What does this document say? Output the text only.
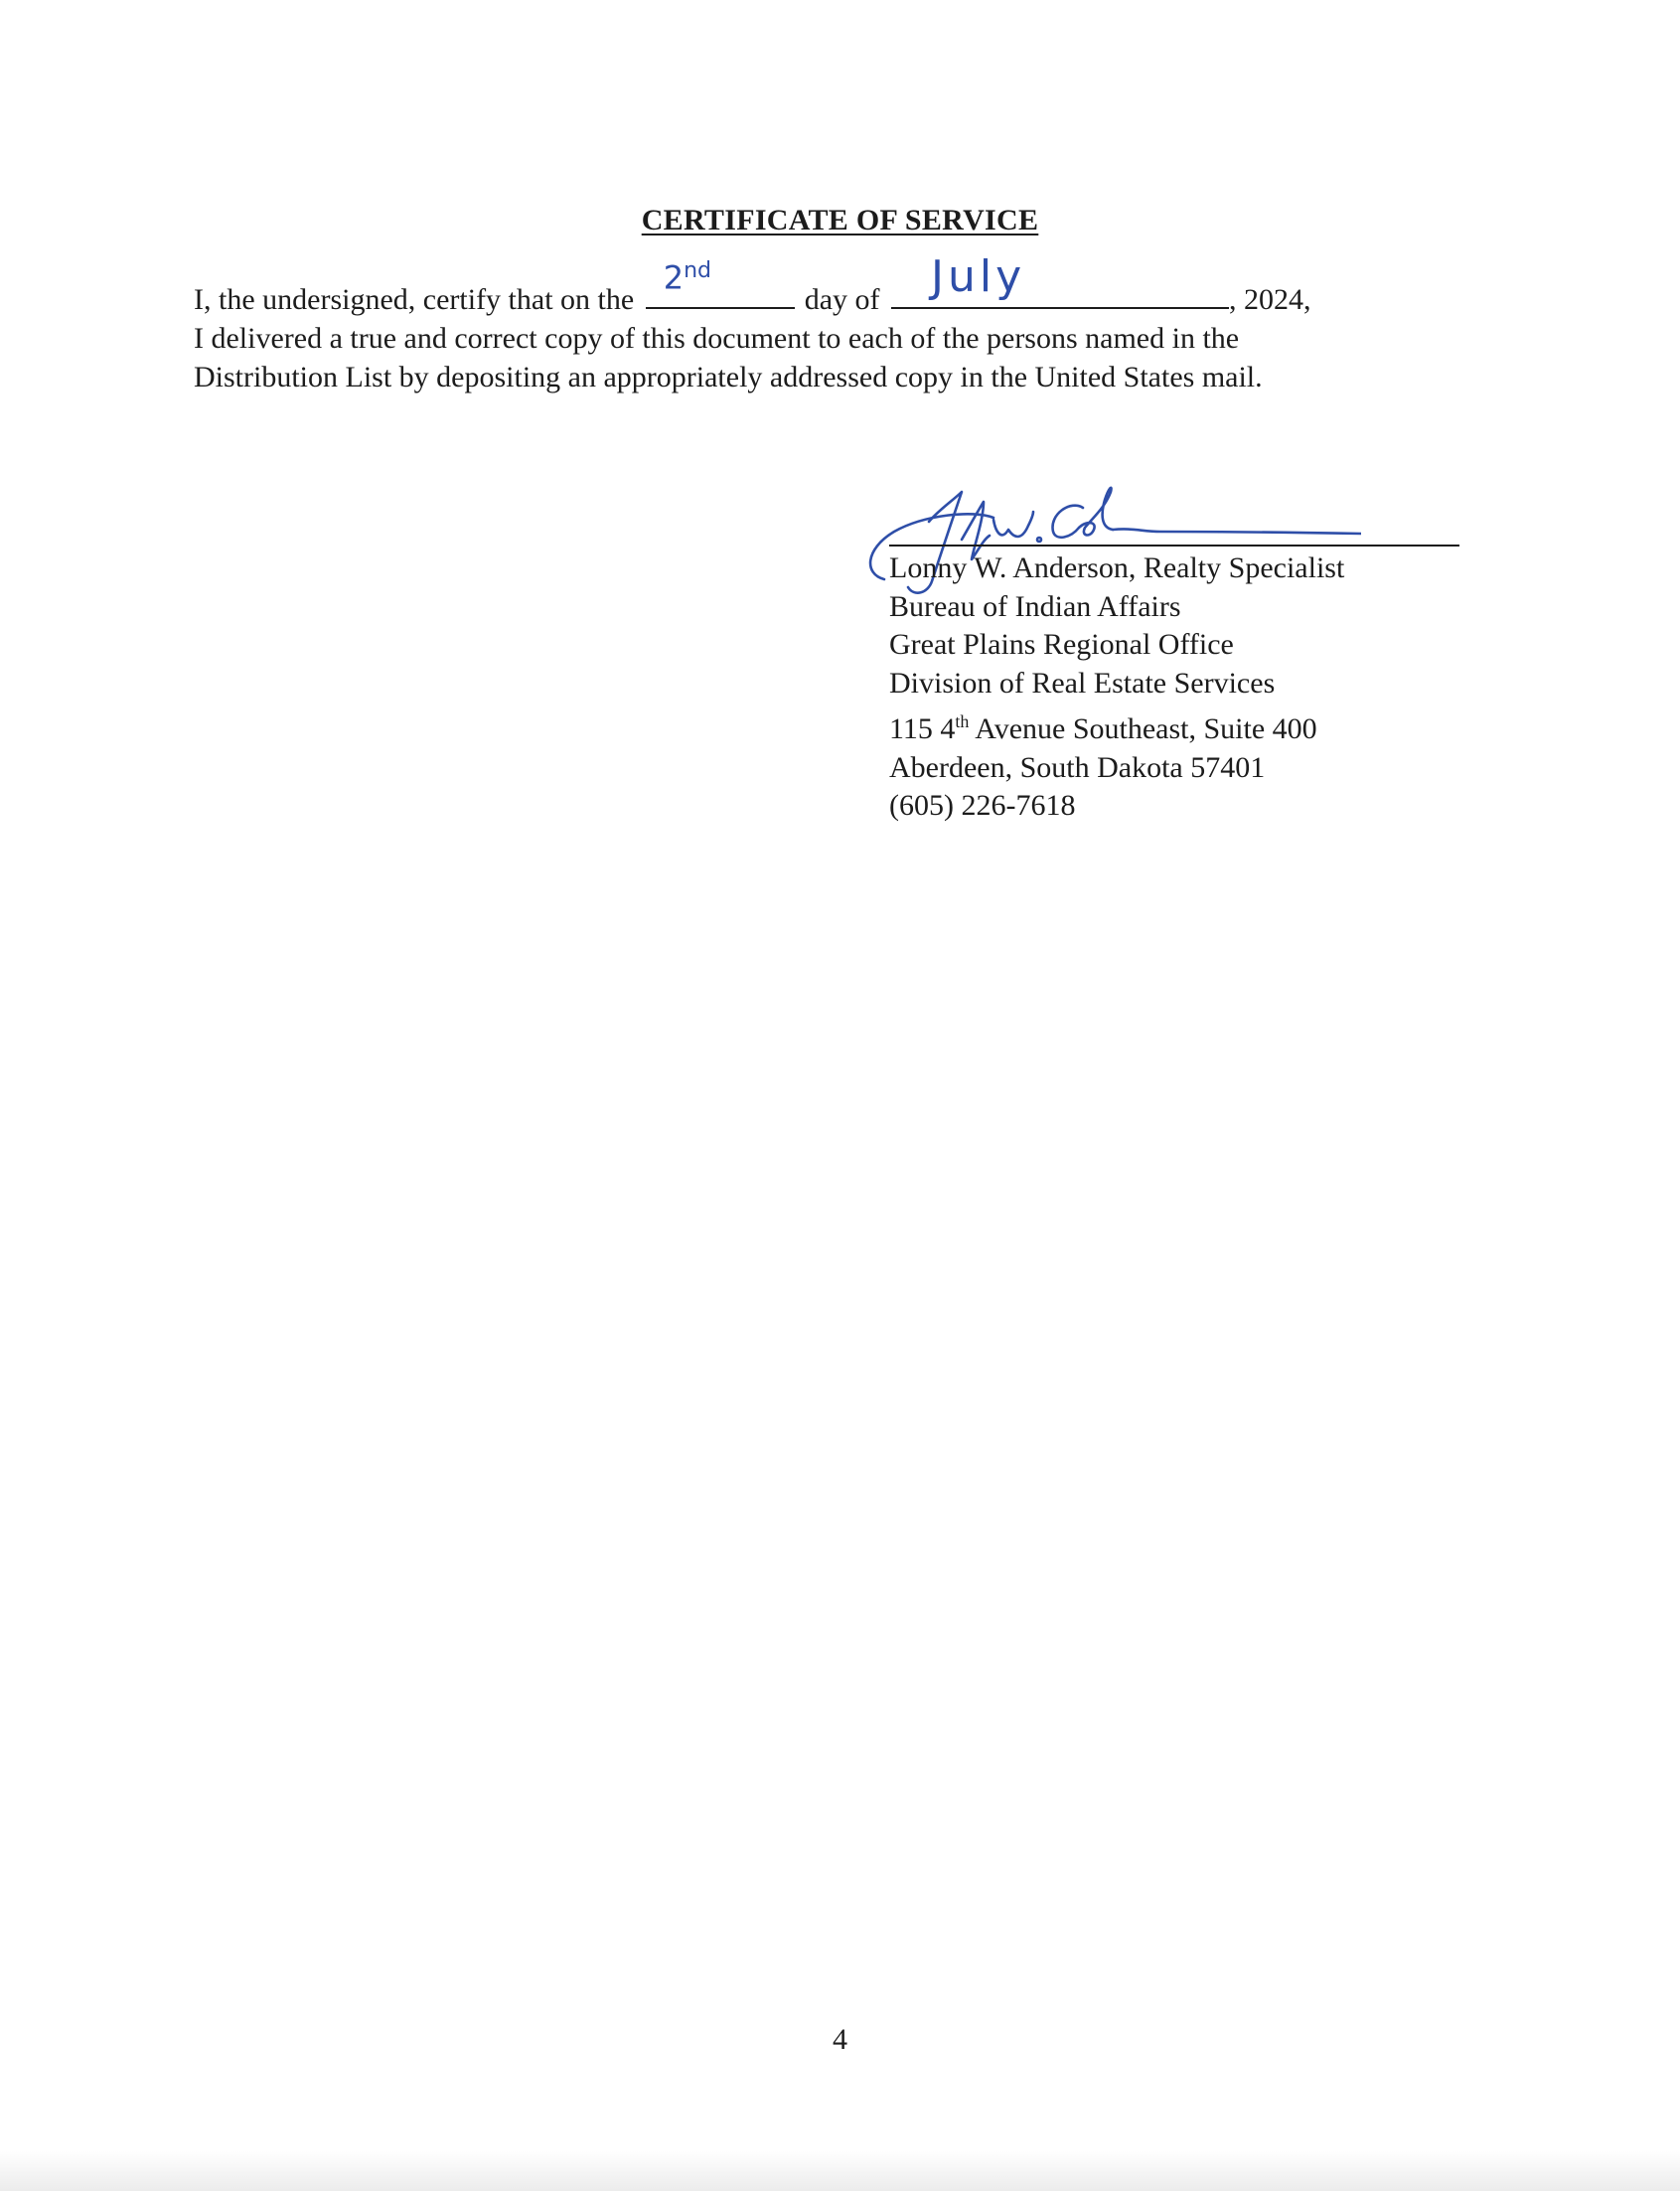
CERTIFICATE OF SERVICE
I, the undersigned, certify that on the
2nd
day of July	, 2024,
I delivered a true and correct copy of this document to each of the persons named in the
Distribution List by depositing an appropriately addressed copy in the United States mail.
Lonny W. Anderson, Realty Specialist
Bureau of Indian Affairs
Great Plains Regional Office
Division of Real Estate Services
115 4th Avenue Southeast, Suite 400
Aberdeen, South Dakota 57401
(605) 226-7618
4
